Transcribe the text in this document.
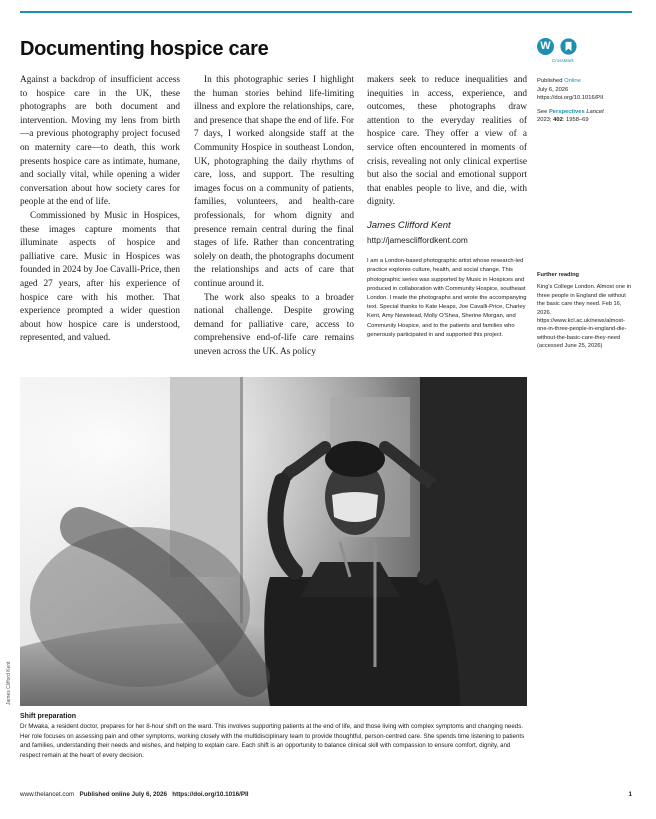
Documenting hospice care	W
CrossMark

Against a backdrop of insufficient access to hospice care in the UK, these photographs are both document and intervention. Moving my lens from birth—a previous photography project focused on maternity care—to death, this work presents hospice care as intimate, humane, and socially vital, while opening a wider conversation about how society cares for people at the end of life.

Commissioned by Music in Hospices, these images capture moments that illuminate aspects of hospice and palliative care. Music in Hospices was founded in 2024 by Joe Cavalli-Price, then aged 27 years, after his experience of hospice care with his mother. That experience prompted a wider question about how hospice care is understood, represented, and valued.

In this photographic series I highlight the human stories behind life-limiting illness and explore the relationships, care, and presence that shape the end of life. For 7 days, I worked alongside staff at the Community Hospice in southeast London, UK, photographing the daily rhythms of care, loss, and support. The resulting images focus on a community of patients, families, volunteers, and health-care professionals, for whom dignity and presence remain central during the final stages of life. Rather than concentrating solely on death, the photographs document the relationships and acts of care that continue around it.

The work also speaks to a broader national challenge. Despite growing demand for palliative care, access to comprehensive end-of-life care remains uneven across the UK. As policy

makers seek to reduce inequalities and inequities in access, experience, and outcomes, these photographs draw attention to the everyday realities of hospice care. They offer a view of a service often encountered in moments of crisis, revealing not only clinical expertise but also the social and emotional support that enables people to live, and die, with dignity.

James Clifford Kent

http://jamescliffordkent.com

I am a London-based photographic artist whose research-led practice explores culture, health, and social change. This photographic series was supported by Music in Hospices and produced in collaboration with Community Hospice, southeast London. I made the photographs and wrote the accompanying text. Special thanks to Kate Heaps, Joe Cavalli-Price, Charley Kent, Amy Newstead, Molly O'Shea, Sherine Morgan, and Community Hospice, and to the patients and families who generously participated in and supported this project.

Published Online

July 6, 2026

https://doi.org/10.1016/PII

See Perspectives Lancet

2023; 402: 1958–69

Further reading

King's College London. Almost one in three people in England die without the basic care they need. Feb 16, 2026. https://www.kcl.ac.uk/news/almost-one-in-three-people-in-england-die-without-the-basic-care-they-need (accessed June 25, 2026)

James Clifford Kent
Shift preparation
Dr Mwaka, a resident doctor, prepares for her 8-hour shift on the ward. This involves supporting patients at the end of life, and those living with complex symptoms and changing needs. Her role focuses on assessing pain and other symptoms, working closely with the multidisciplinary team to provide thoughtful, person-centred care. She spends time listening to patients and families, understanding their needs and wishes, and helping to explain care. Each shift is an opportunity to balance clinical skill with compassion to ensure comfort, dignity, and respect remain at the heart of every decision.
www.thelancet.com Published online July 6, 2026 https://doi.org/10.1016/PII	1
